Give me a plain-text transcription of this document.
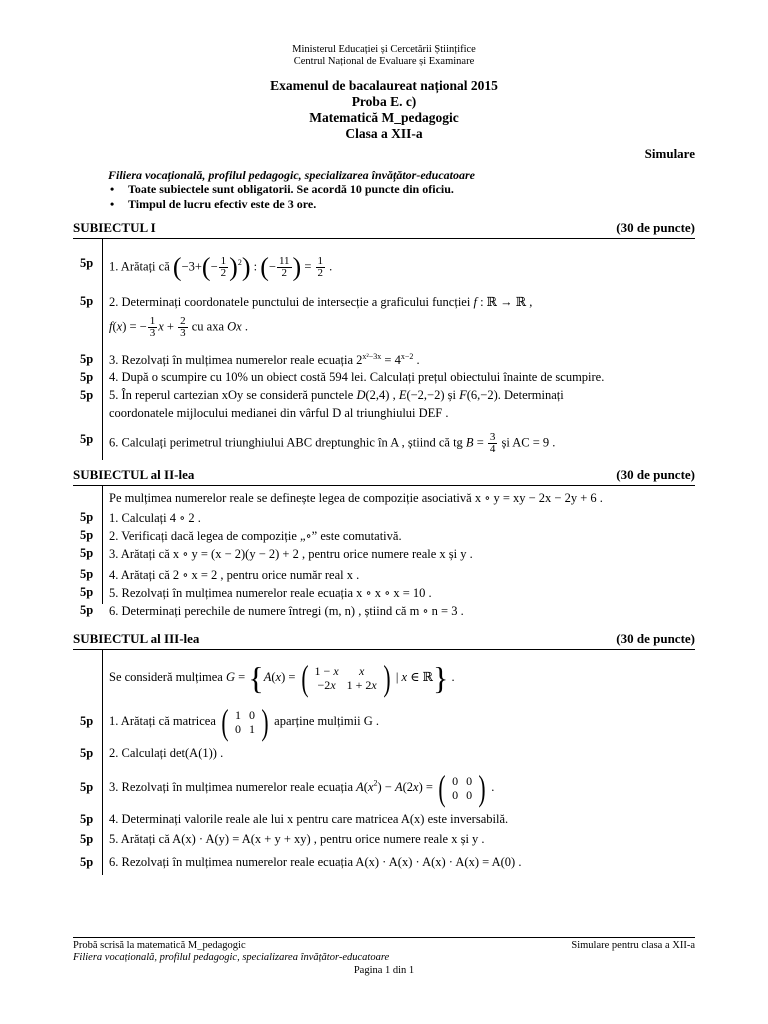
Ministerul Educației și Cercetării Științifice
Centrul Național de Evaluare și Examinare
Examenul de bacalaureat național 2015
Proba E. c)
Matematică M_pedagogic
Clasa a XII-a
Simulare
Filiera vocațională, profilul pedagogic, specializarea învățător-educatoare
• Toate subiectele sunt obligatorii. Se acordă 10 puncte din oficiu.
• Timpul de lucru efectiv este de 3 ore.
SUBIECTUL I	(30 de puncte)
5p 1. Arătați că $(-3+(- \frac{1}{2} )^2)$ : (− $\frac{11}{2}$ ) = $\frac{1}{2}$ .
5p 2. Determinați coordonatele punctului de intersecție a graficului funcției f : ℝ → ℝ ,
f(x) = − $\frac{1}{3}$ $x + \frac{2}{3}$ cu axa Ox .
5p 3. Rezolvați în mulțimea numerelor reale ecuația $2^{x^2-3x} = 4^{x-2}$ .
5p 4. După o scumpire cu 10% un obiect costă 594 lei. Calculați prețul obiectului înainte de scumpire.
5p 5. În reperul cartezian xOy se consideră punctele D(2,4) , E(−2,−2) și F(6,−2). Determinați
coordonatele mijlocului medianei din vârful D al triunghiului DEF .
5p 6. Calculați perimetrul triunghiului ABC dreptunghic în A , știind că tg $B = \frac{3}{4}$ și AC = 9 .
SUBIECTUL al II-lea	(30 de puncte)
Pe mulțimea numerelor reale se definește legea de compoziție asociativă x ∘ y = xy − 2x − 2y + 6 .
5p 1. Calculați 4 ∘ 2 .
5p 2. Verificați dacă legea de compoziție „∘” este comutativă.
5p 3. Arătați că x ∘ y = (x − 2)(y − 2) + 2 , pentru orice numere reale x și y .
5p 4. Arătați că 2 ∘ x = 2 , pentru orice număr real x .
5p 5. Rezolvați în mulțimea numerelor reale ecuația x ∘ x ∘ x = 10 .
5p 6. Determinați perechile de numere întregi (m, n) , știind că m ∘ n = 3 .
SUBIECTUL al III-lea	(30 de puncte)
Se consideră mulțimea G = {A(x) = ( 1 − x	x
−2x	1 + 2x ) | x ∈ ℝ} .
5p 1. Arătați că matricea ( 1	0
0	1 ) aparține mulțimii G .
5p 2. Calculați det(A(1)) .
5p 3. Rezolvați în mulțimea numerelor reale ecuația $A(x^2) - A(2x)$ = ( 0	0
0	0 ) .
5p 4. Determinați valorile reale ale lui x pentru care matricea A(x) este inversabilă.
5p 5. Arătați că A(x) · A(y) = A(x + y + xy) , pentru orice numere reale x și y .
5p 6. Rezolvați în mulțimea numerelor reale ecuația A(x) · A(x) · A(x) · A(x) = A(0) .
Probă scrisă la matematică M_pedagogic	Simulare pentru clasa a XII-a
Filiera vocațională, profilul pedagogic, specializarea învățător-educatoare
Pagina 1 din 1
